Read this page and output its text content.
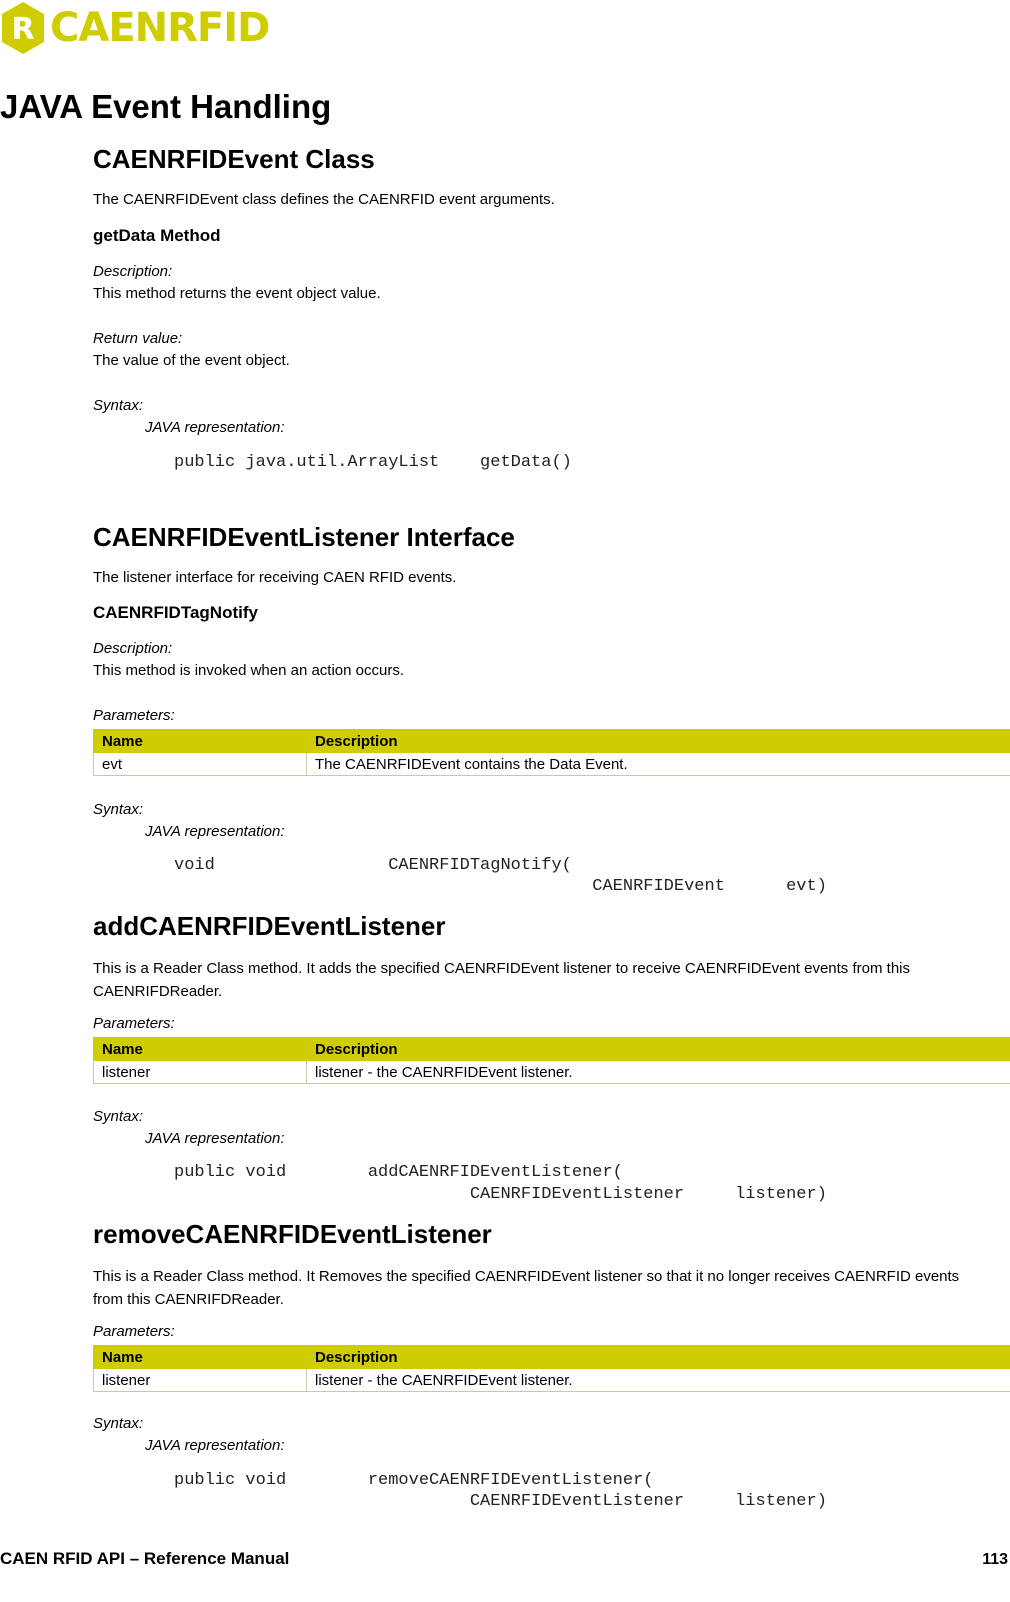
R CAENRFID
JAVA Event Handling
CAENRFIDEvent Class
The CAENRFIDEvent class defines the CAENRFID event arguments.
getData Method
Description:
This method returns the event object value.
Return value:
The value of the event object.
Syntax:
JAVA representation:
public java.util.ArrayList    getData()
CAENRFIDEventListener Interface
The listener interface for receiving CAEN RFID events.
CAENRFIDTagNotify
Description:
This method is invoked when an action occurs.
Parameters:
Name	Description
evt	The CAENRFIDEvent contains the Data Event.
Syntax:
JAVA representation:
void                 CAENRFIDTagNotify(
CAENRFIDEvent      evt)
addCAENRFIDEventListener
This is a Reader Class method. It adds the specified CAENRFIDEvent listener to receive CAENRFIDEvent events from this CAENRIFDReader.
Parameters:
Name	Description
listener	listener - the CAENRFIDEvent listener.
Syntax:
JAVA representation:
public void        addCAENRFIDEventListener(
CAENRFIDEventListener     listener)
removeCAENRFIDEventListener
This is a Reader Class method. It Removes the specified CAENRFIDEvent listener so that it no longer receives CAENRFID events from this CAENRIFDReader.
Parameters:
Name	Description
listener	listener - the CAENRFIDEvent listener.
Syntax:
JAVA representation:
public void        removeCAENRFIDEventListener(
CAENRFIDEventListener     listener)
CAEN RFID API – Reference Manual	113
